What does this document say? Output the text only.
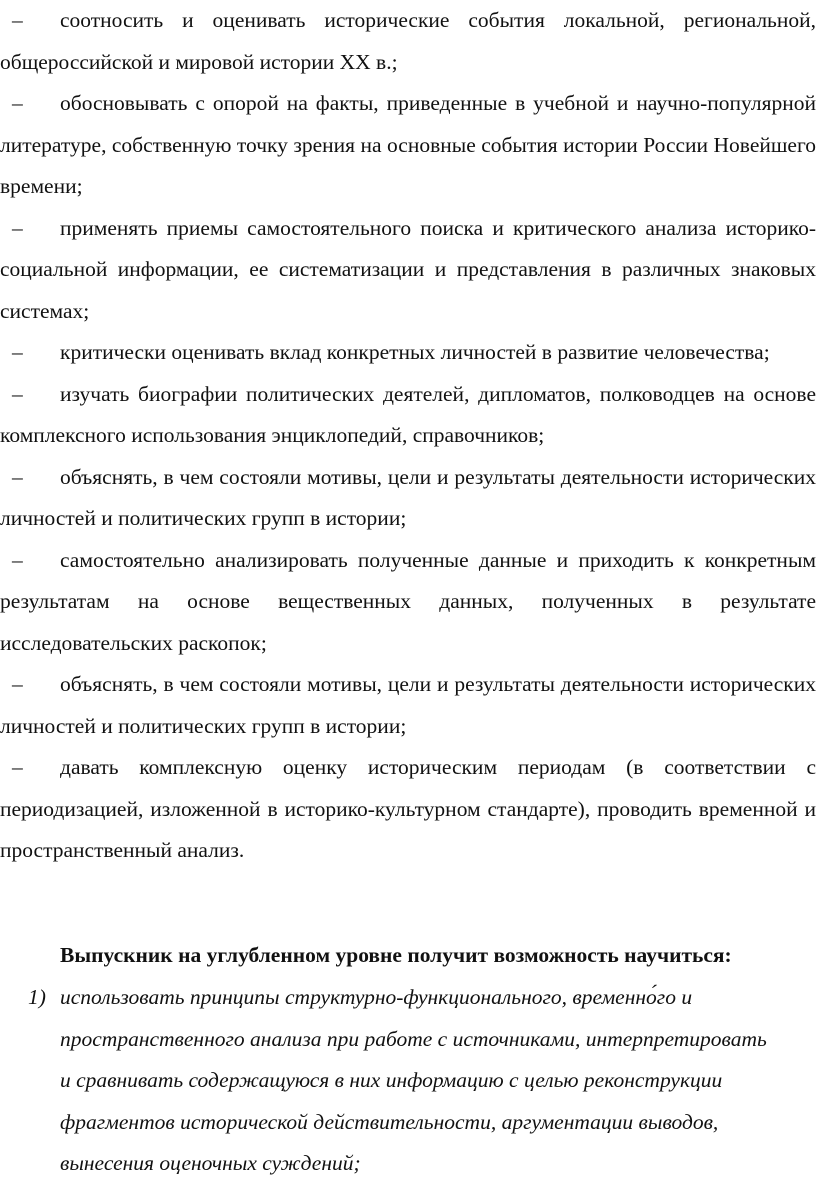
– соотносить и оценивать исторические события локальной, региональной, общероссийской и мировой истории XX в.;

– обосновывать с опорой на факты, приведенные в учебной и научно-популярной литературе, собственную точку зрения на основные события истории России Новейшего времени;

– применять приемы самостоятельного поиска и критического анализа историко-социальной информации, ее систематизации и представления в различных знаковых системах;

– критически оценивать вклад конкретных личностей в развитие человечества;

– изучать биографии политических деятелей, дипломатов, полководцев на основе комплексного использования энциклопедий, справочников;

– объяснять, в чем состояли мотивы, цели и результаты деятельности исторических личностей и политических групп в истории;

– самостоятельно анализировать полученные данные и приходить к конкретным результатам на основе вещественных данных, полученных в результате исследовательских раскопок;

– объяснять, в чем состояли мотивы, цели и результаты деятельности исторических личностей и политических групп в истории;

– давать комплексную оценку историческим периодам (в соответствии с периодизацией, изложенной в историко-культурном стандарте), проводить временной и пространственный анализ.

Выпускник на углубленном уровне получит возможность научиться:

1) использовать принципы структурно-функционального, временно́го и пространственного анализа при работе с источниками, интерпретировать и сравнивать содержащуюся в них информацию с целью реконструкции фрагментов исторической действительности, аргументации выводов, вынесения оценочных суждений;
